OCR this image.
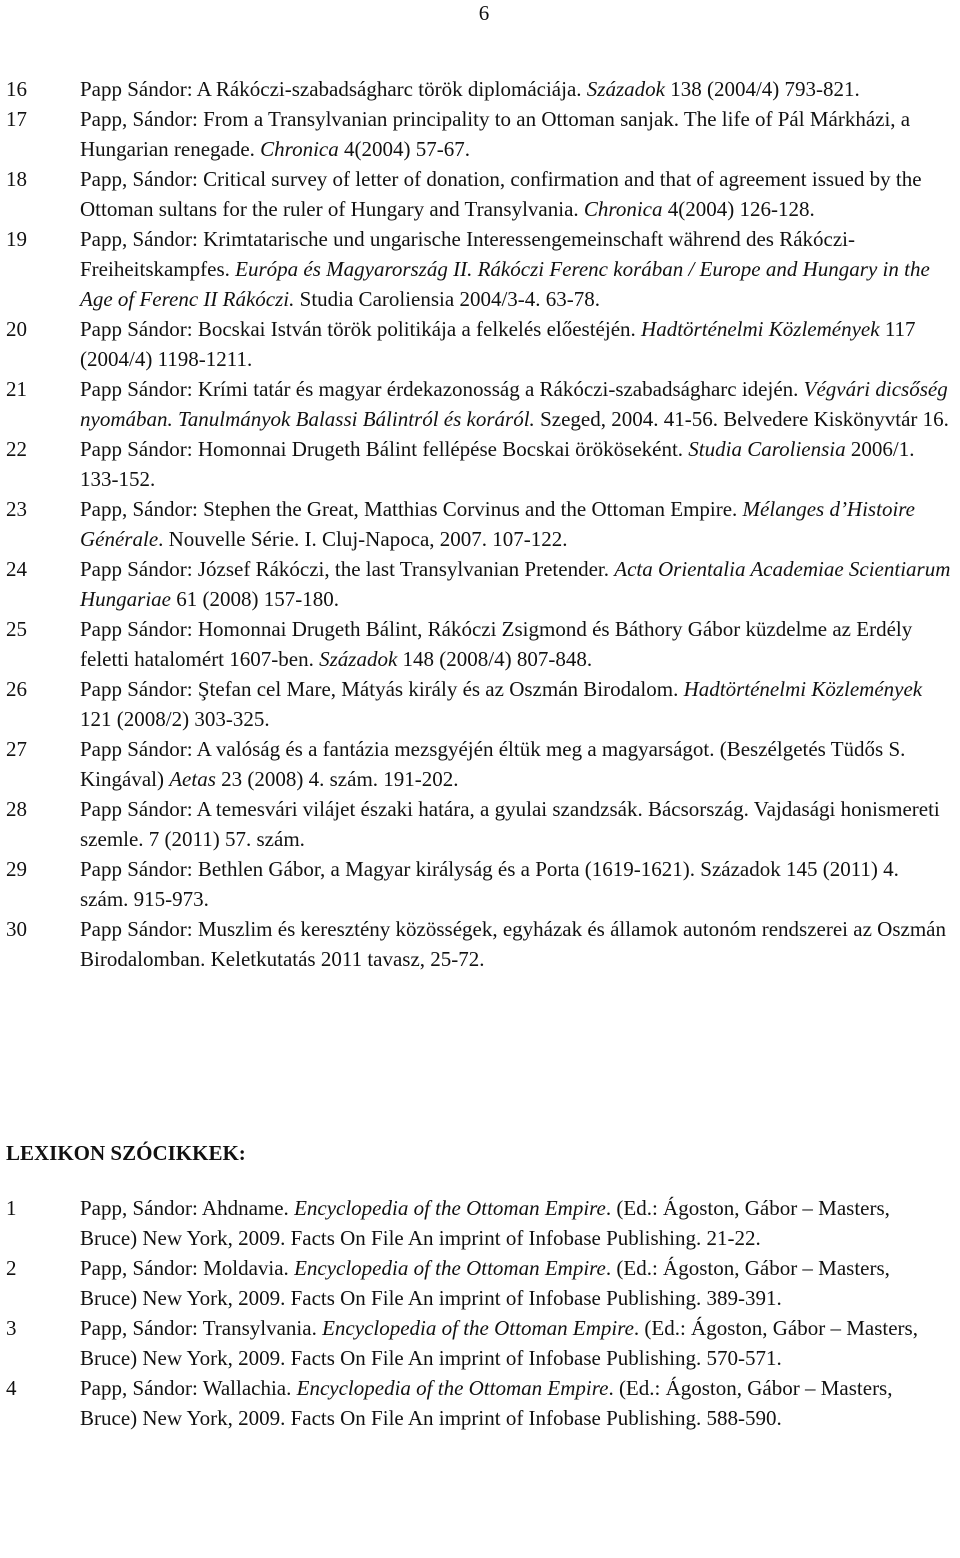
6
16	Papp Sándor: A Rákóczi-szabadságharc török diplomáciája. Századok 138 (2004/4) 793-821.
17	Papp, Sándor: From a Transylvanian principality to an Ottoman sanjak. The life of Pál Márkházi, a Hungarian renegade. Chronica 4(2004) 57-67.
18	Papp, Sándor: Critical survey of letter of donation, confirmation and that of agreement issued by the Ottoman sultans for the ruler of Hungary and Transylvania. Chronica 4(2004) 126-128.
19	Papp, Sándor: Krimtatarische und ungarische Interessengemeinschaft während des Rákóczi-Freiheitskampfes. Európa és Magyarország II. Rákóczi Ferenc korában / Europe and Hungary in the Age of Ferenc II Rákóczi. Studia Caroliensia 2004/3-4. 63-78.
20	Papp Sándor: Bocskai István török politikája a felkelés előestéjén. Hadtörténelmi Közlemények 117 (2004/4) 1198-1211.
21	Papp Sándor: Krími tatár és magyar érdekazonosság a Rákóczi-szabadságharc idején. Végvári dicsőség nyomában. Tanulmányok Balassi Bálintról és koráról. Szeged, 2004. 41-56. Belvedere Kiskönyvtár 16.
22	Papp Sándor: Homonnai Drugeth Bálint fellépése Bocskai örököseként. Studia Caroliensia 2006/1. 133-152.
23	Papp, Sándor: Stephen the Great, Matthias Corvinus and the Ottoman Empire. Mélanges d’Histoire Générale. Nouvelle Série. I. Cluj-Napoca, 2007. 107-122.
24	Papp Sándor: József Rákóczi, the last Transylvanian Pretender. Acta Orientalia Academiae Scientiarum Hungariae 61 (2008) 157-180.
25	Papp Sándor: Homonnai Drugeth Bálint, Rákóczi Zsigmond és Báthory Gábor küzdelme az Erdély feletti hatalomért 1607-ben. Századok 148 (2008/4) 807-848.
26	Papp Sándor: Ştefan cel Mare, Mátyás király és az Oszmán Birodalom. Hadtörténelmi Közlemények 121 (2008/2) 303-325.
27	Papp Sándor: A valóság és a fantázia mezsgyéjén éltük meg a magyarságot. (Beszélgetés Tüdős S. Kingával) Aetas 23 (2008) 4. szám. 191-202.
28	Papp Sándor: A temesvári vilájet északi határa, a gyulai szandzsák. Bácsország. Vajdasági honismereti szemle. 7 (2011) 57. szám.
29	Papp Sándor: Bethlen Gábor, a Magyar királyság és a Porta (1619-1621). Századok 145 (2011) 4. szám. 915-973.
30	Papp Sándor: Muszlim és keresztény közösségek, egyházak és államok autonóm rendszerei az Oszmán Birodalomban. Keletkutatás 2011 tavasz, 25-72.
LEXIKON SZÓCIKKEK:
1	Papp, Sándor: Ahdname. Encyclopedia of the Ottoman Empire. (Ed.: Ágoston, Gábor – Masters, Bruce) New York, 2009. Facts On File An imprint of Infobase Publishing. 21-22.
2	Papp, Sándor: Moldavia. Encyclopedia of the Ottoman Empire. (Ed.: Ágoston, Gábor – Masters, Bruce) New York, 2009. Facts On File An imprint of Infobase Publishing. 389-391.
3	Papp, Sándor: Transylvania. Encyclopedia of the Ottoman Empire. (Ed.: Ágoston, Gábor – Masters, Bruce) New York, 2009. Facts On File An imprint of Infobase Publishing. 570-571.
4	Papp, Sándor: Wallachia. Encyclopedia of the Ottoman Empire. (Ed.: Ágoston, Gábor – Masters, Bruce) New York, 2009. Facts On File An imprint of Infobase Publishing. 588-590.
